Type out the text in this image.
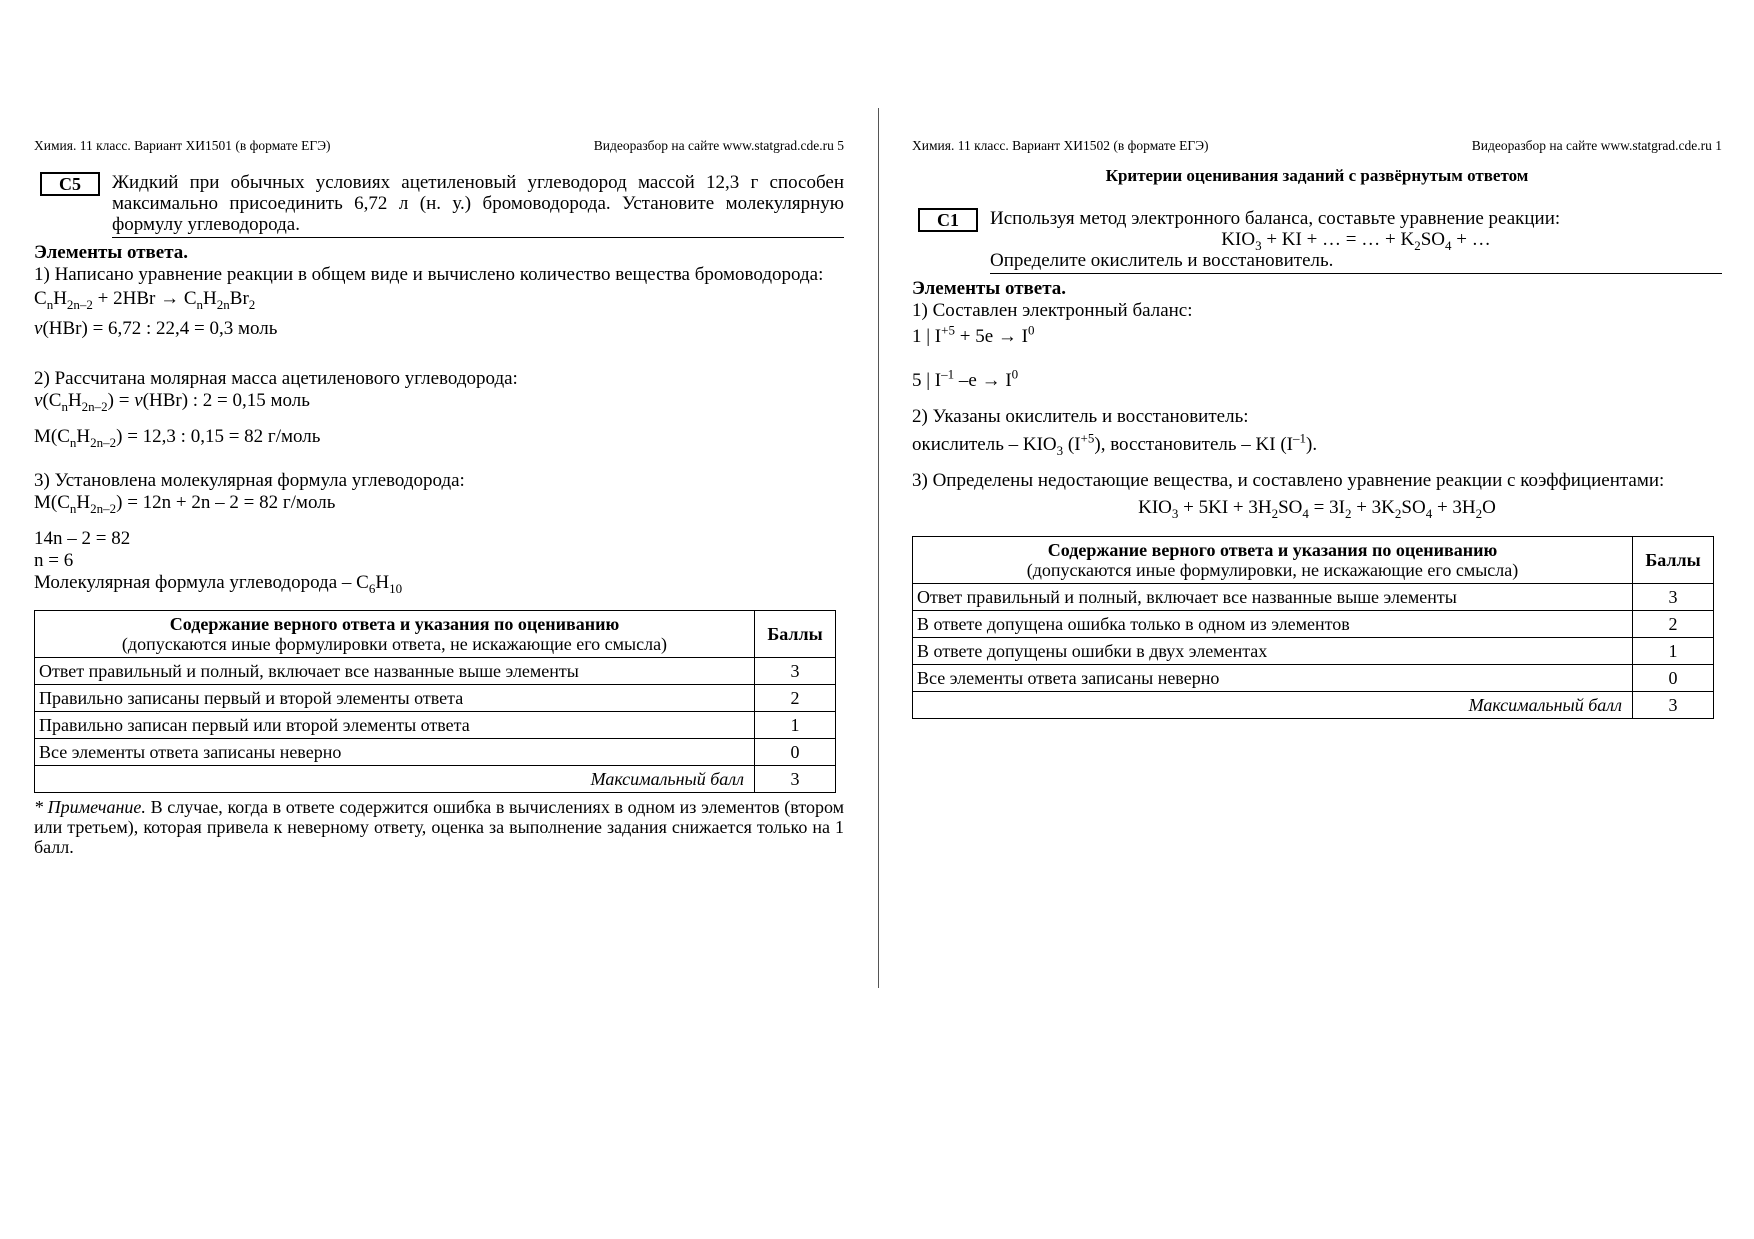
Химия. 11 класс. Вариант ХИ1501 (в формате ЕГЭ)	Видеоразбор на сайте www.statgrad.cde.ru 5
С5	Жидкий при обычных условиях ацетиленовый углеводород массой 12,3 г способен максимально присоединить 6,72 л (н. у.) бромоводорода. Установите молекулярную формулу углеводорода.

Элементы ответа.

1) Написано уравнение реакции в общем виде и вычислено количество вещества бромоводорода:

$C_nH_{2n-2} + 2HBr \to C_nH_{2n}Br_2$

ν(HBr) = 6,72 : 22,4 = 0,3 моль

2) Рассчитана молярная масса ацетиленового углеводорода:

$\nu(C_nH_{2n-2}) = \nu(HBr)$ : 2 = 0,15 моль

$M(C_nH_{2n-2}) = 12,3$ : 0,15 = 82 г/моль

3) Установлена молекулярная формула углеводорода:

$M(C_nH_{2n-2}) = 12n + 2n - 2 = 82$ г/моль

14n – 2 = 82

n = 6

Молекулярная формула углеводорода – $C_6H_{10}$

Содержание верного ответа и указания по оцениванию
(допускаются иные формулировки ответа, не искажающие его смысла)	Баллы
Ответ правильный и полный, включает все названные выше элементы	3
Правильно записаны первый и второй элементы ответа	2
Правильно записан первый или второй элементы ответа	1
Все элементы ответа записаны неверно	0
Максимальный балл	3
* Примечание. В случае, когда в ответе содержится ошибка в вычислениях в одном из элементов (втором или третьем), которая привела к неверному ответу, оценка за выполнение задания снижается только на 1 балл.
Химия. 11 класс. Вариант ХИ1502 (в формате ЕГЭ)	Видеоразбор на сайте www.statgrad.cde.ru 1

Критерии оценивания заданий с развёрнутым ответом

С1	Используя метод электронного баланса, составьте уравнение реакции:

$KIO_3$ + KI + … = … + $K_2SO_4$ + …

Определите окислитель и восстановитель.

Элементы ответа.

1) Составлен электронный баланс:

1 | $I^{+5} + 5e \to I^0$

5 | $I^{-1}$ $-e \to I^0$

2) Указаны окислитель и восстановитель:

окислитель – $KIO_3$ $(I^{+5})$, восстановитель – KI $(I^{-1})$.

3) Определены недостающие вещества, и составлено уравнение реакции с коэффициентами:

$KIO_3 + 5KI + 3H_2SO_4 = 3I_2 + 3K_2SO_4 + 3H_2O$

Содержание верного ответа и указания по оцениванию
(допускаются иные формулировки, не искажающие его смысла)	Баллы
Ответ правильный и полный, включает все названные выше элементы	3
В ответе допущена ошибка только в одном из элементов	2
В ответе допущены ошибки в двух элементах	1
Все элементы ответа записаны неверно	0
Максимальный балл	3
